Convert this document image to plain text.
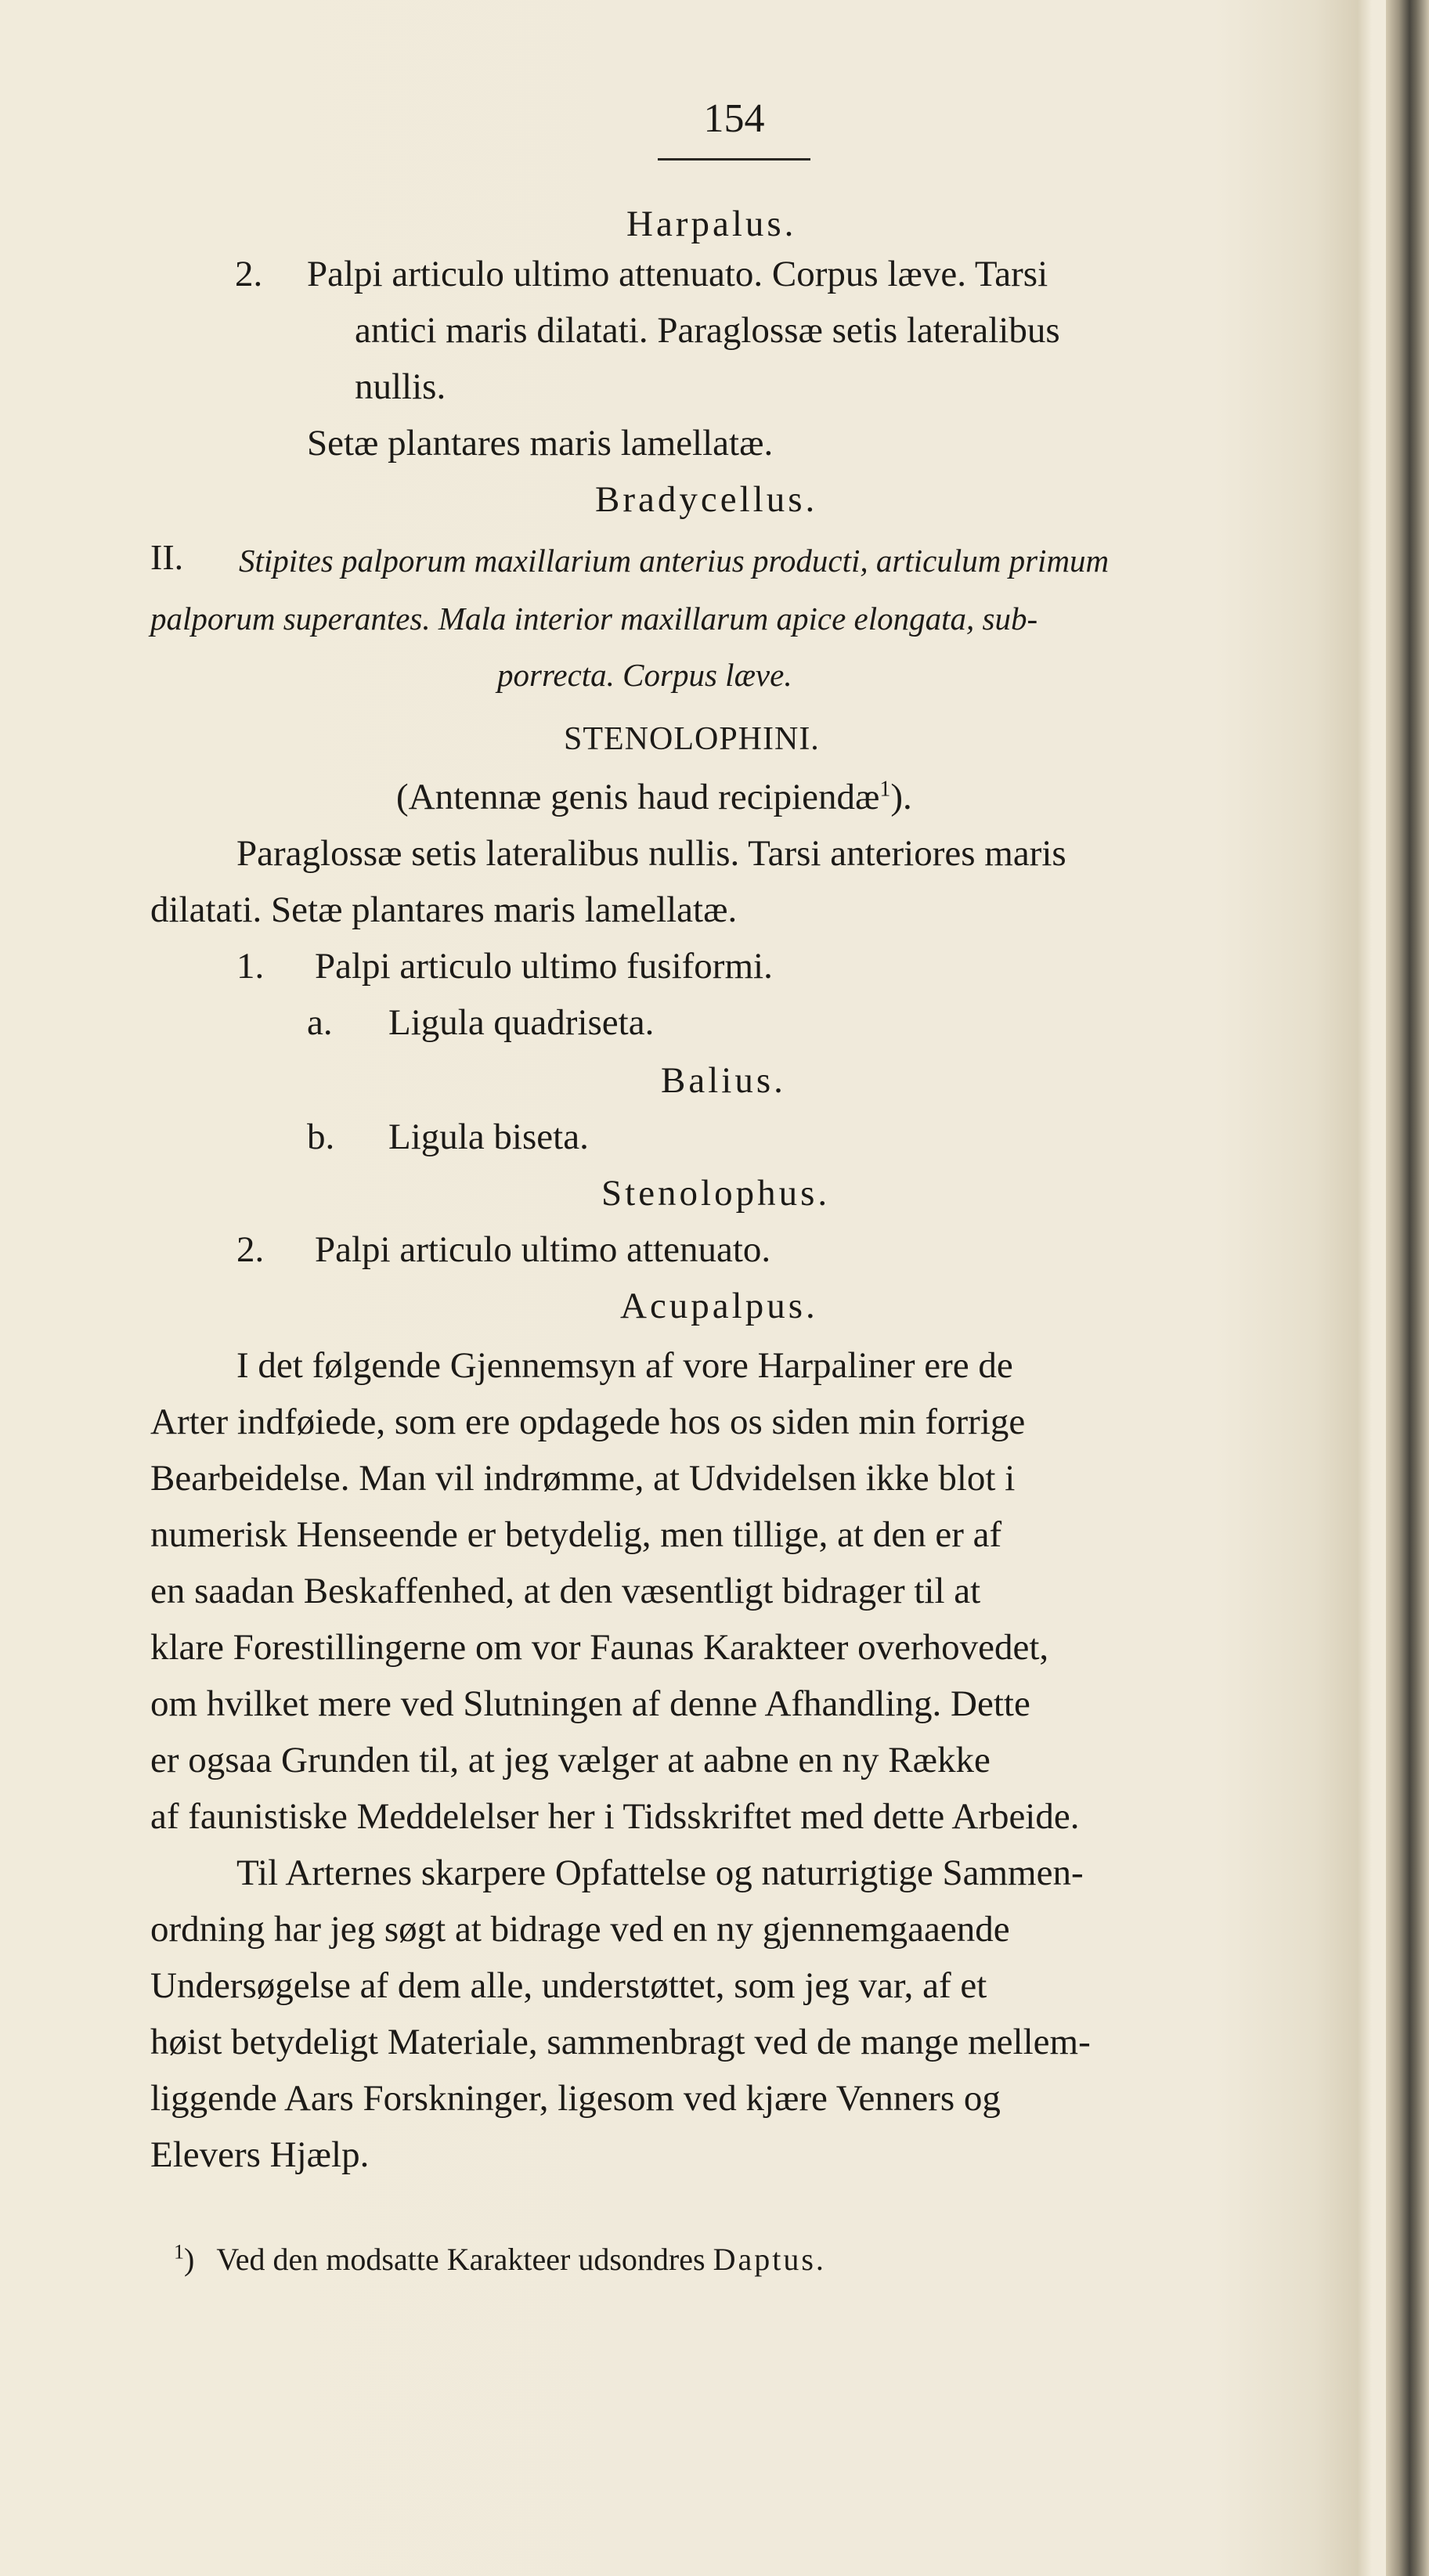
154
Harpalus.
2. Palpi articulo ultimo attenuato. Corpus læve. Tarsi
antici maris dilatati. Paraglossæ setis lateralibus
nullis.
Setæ plantares maris lamellatæ.
Bradycellus.
II. Stipites palporum maxillarium anterius producti, articulum primum
palporum superantes. Mala interior maxillarum apice elongata, sub-
porrecta. Corpus læve.
STENOLOPHINI.
(Antennæ genis haud recipiendæ$^1$).
Paraglossæ setis lateralibus nullis. Tarsi anteriores maris
dilatati. Setæ plantares maris lamellatæ.
1. Palpi articulo ultimo fusiformi.
a. Ligula quadriseta.
Balius.
b. Ligula biseta.
Stenolophus.
2. Palpi articulo ultimo attenuato.
Acupalpus.
I det følgende Gjennemsyn af vore Harpaliner ere de
Arter indføiede, som ere opdagede hos os siden min forrige
Bearbeidelse. Man vil indrømme, at Udvidelsen ikke blot i
numerisk Henseende er betydelig, men tillige, at den er af
en saadan Beskaffenhed, at den væsentligt bidrager til at
klare Forestillingerne om vor Faunas Karakteer overhovedet,
om hvilket mere ved Slutningen af denne Afhandling. Dette
er ogsaa Grunden til, at jeg vælger at aabne en ny Række
af faunistiske Meddelelser her i Tidsskriftet med dette Arbeide.
Til Arternes skarpere Opfattelse og naturrigtige Sammen-
ordning har jeg søgt at bidrage ved en ny gjennemgaaende
Undersøgelse af dem alle, understøttet, som jeg var, af et
høist betydeligt Materiale, sammenbragt ved de mange mellem-
liggende Aars Forskninger, ligesom ved kjære Venners og
Elevers Hjælp.
$^1$) Ved den modsatte Karakteer udsondres Daptus.
